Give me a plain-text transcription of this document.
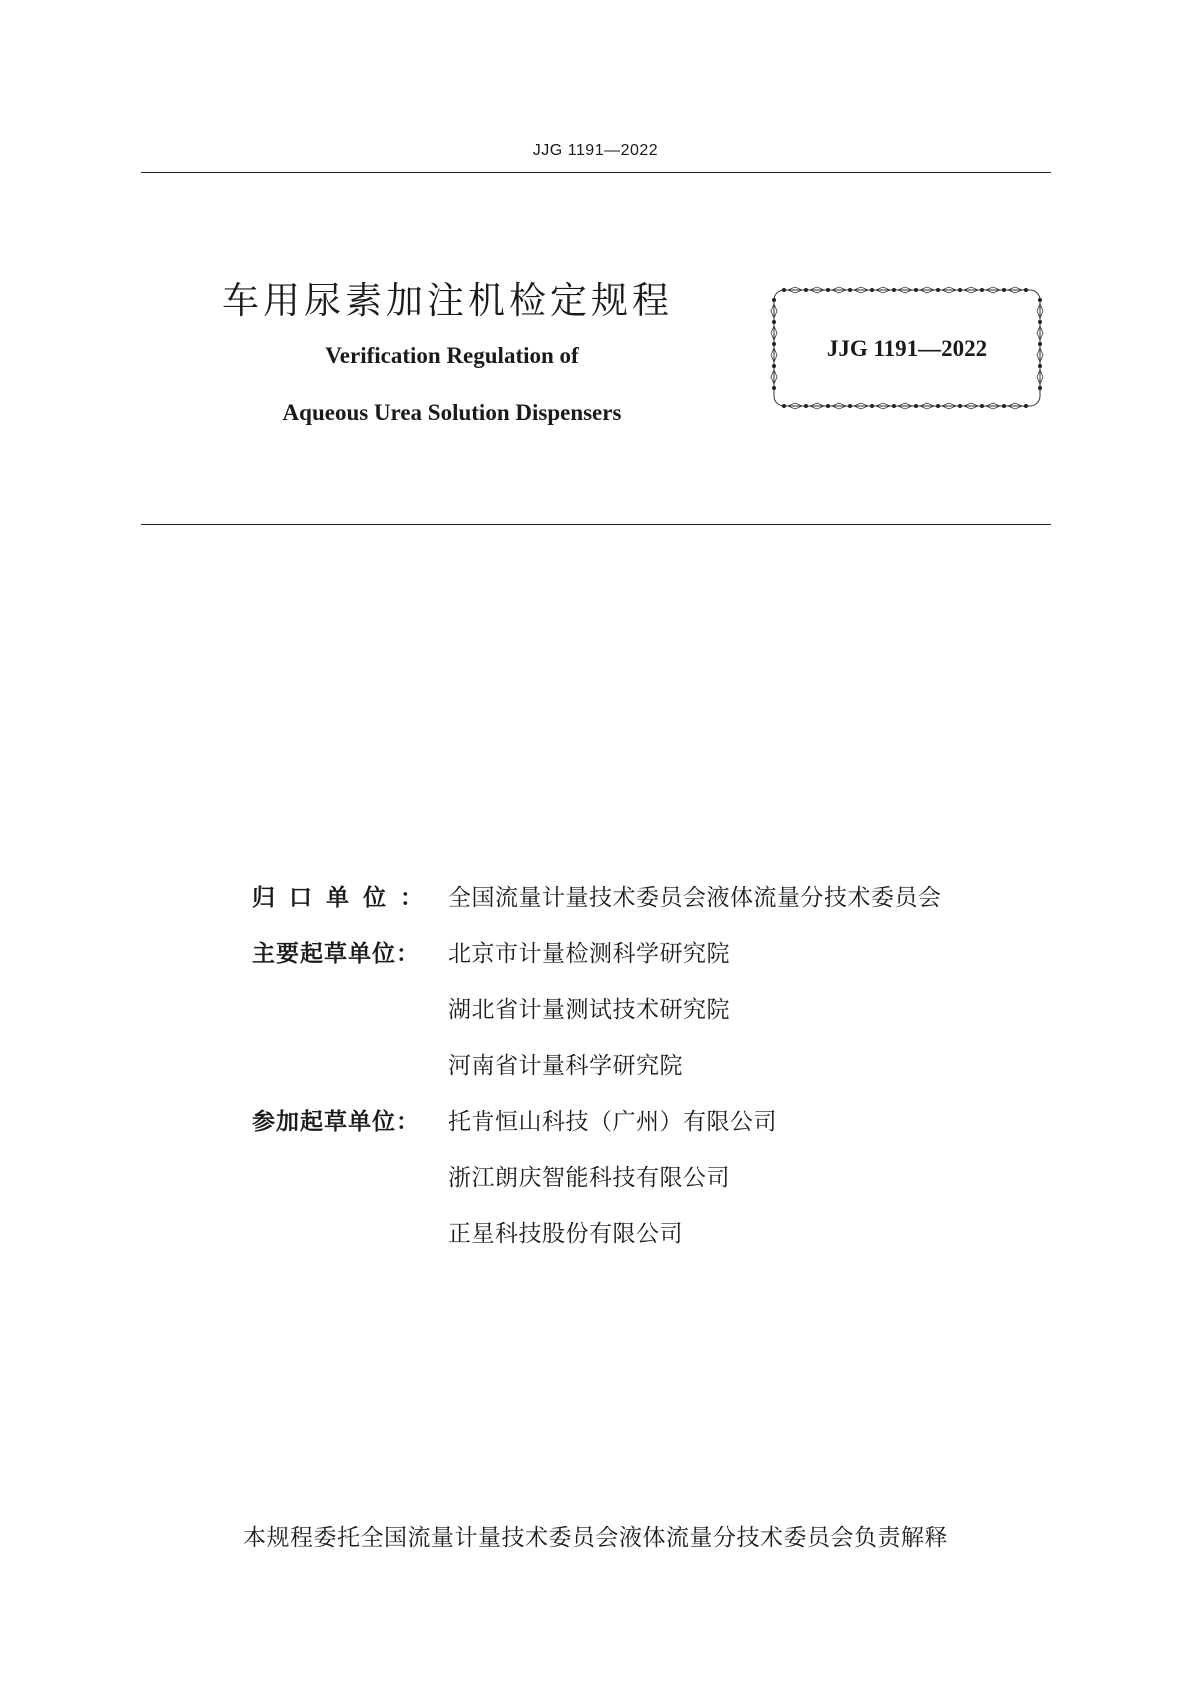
JJG 1191—2022
车用尿素加注机检定规程
Verification Regulation of
Aqueous Urea Solution Dispensers
JJG 1191—2022
归口单位： 全国流量计量技术委员会液体流量分技术委员会
主要起草单位：	北京市计量检测科学研究院
湖北省计量测试技术研究院
河南省计量科学研究院
参加起草单位：	托肯恒山科技（广州）有限公司
浙江朗庆智能科技有限公司
正星科技股份有限公司
本规程委托全国流量计量技术委员会液体流量分技术委员会负责解释
